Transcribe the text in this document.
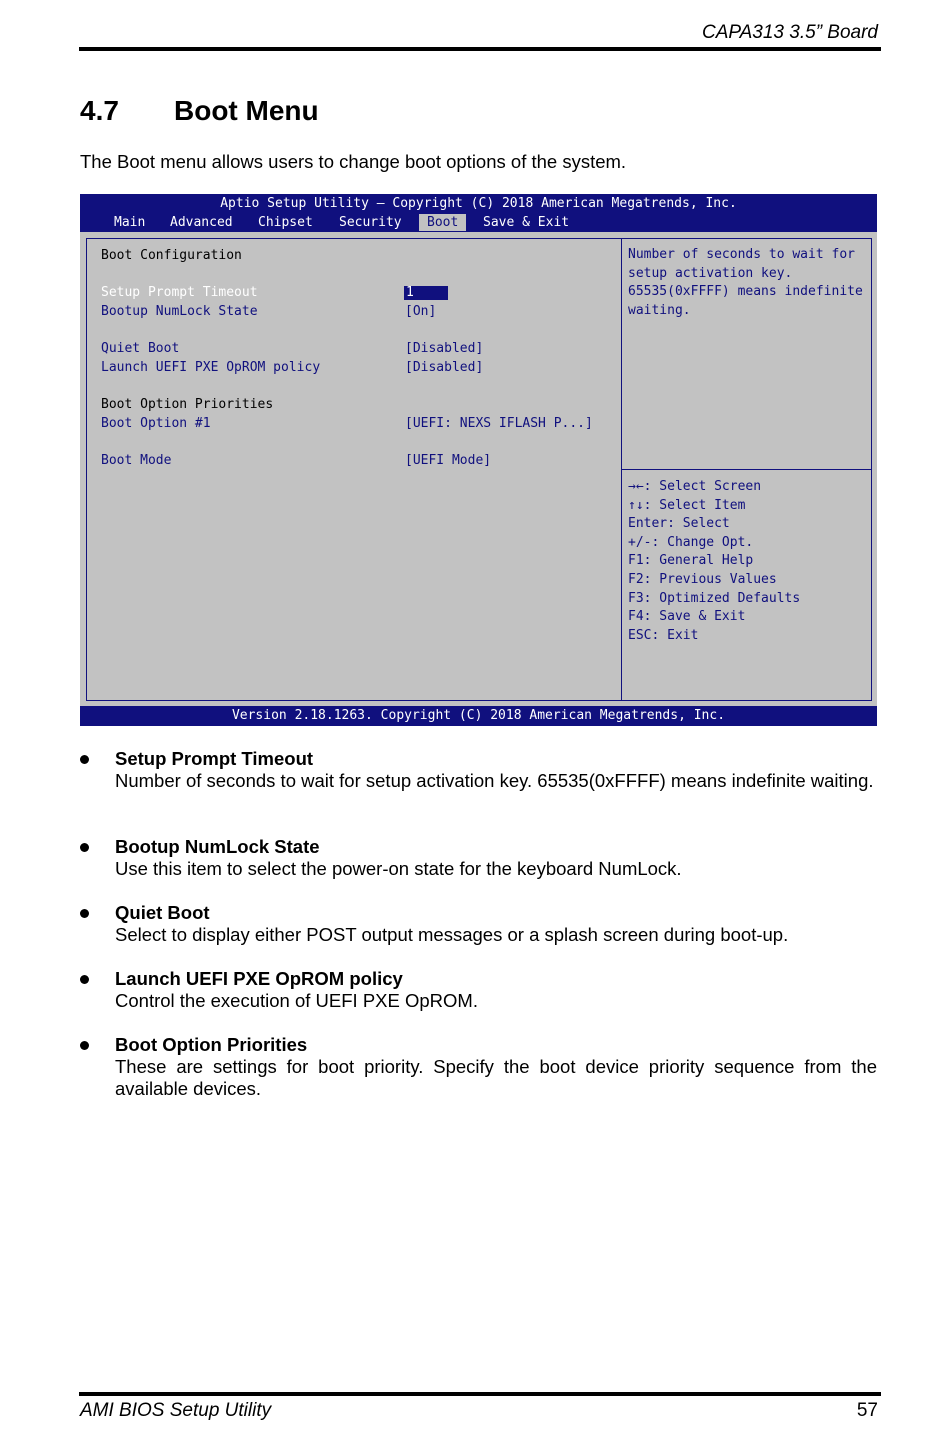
CAPA313 3.5” Board
4.7 Boot Menu
The Boot menu allows users to change boot options of the system.
Aptio Setup Utility – Copyright (C) 2018 American Megatrends, Inc.
Main Advanced Chipset Security	Boot	Save & Exit
Boot Configuration
Setup Prompt Timeout	1
Bootup NumLock State	[On]
Quiet Boot	[Disabled]
Launch UEFI PXE OpROM policy	[Disabled]
Boot Option Priorities
Boot Option #1	[UEFI: NEXS IFLASH P...]
Boot Mode	[UEFI Mode]
Number of seconds to wait for
setup activation key.
65535(0xFFFF) means indefinite
waiting.
→←: Select Screen
↑↓: Select Item
Enter: Select
+/-: Change Opt.
F1: General Help
F2: Previous Values
F3: Optimized Defaults
F4: Save & Exit
ESC: Exit
Version 2.18.1263. Copyright (C) 2018 American Megatrends, Inc.
Setup Prompt Timeout
Number of seconds to wait for setup activation key. 65535(0xFFFF) means indefinite waiting.
Bootup NumLock State
Use this item to select the power-on state for the keyboard NumLock.
Quiet Boot
Select to display either POST output messages or a splash screen during boot-up.
Launch UEFI PXE OpROM policy
Control the execution of UEFI PXE OpROM.
Boot Option Priorities
These are settings for boot priority. Specify the boot device priority sequence from the available devices.
AMI BIOS Setup Utility	57
